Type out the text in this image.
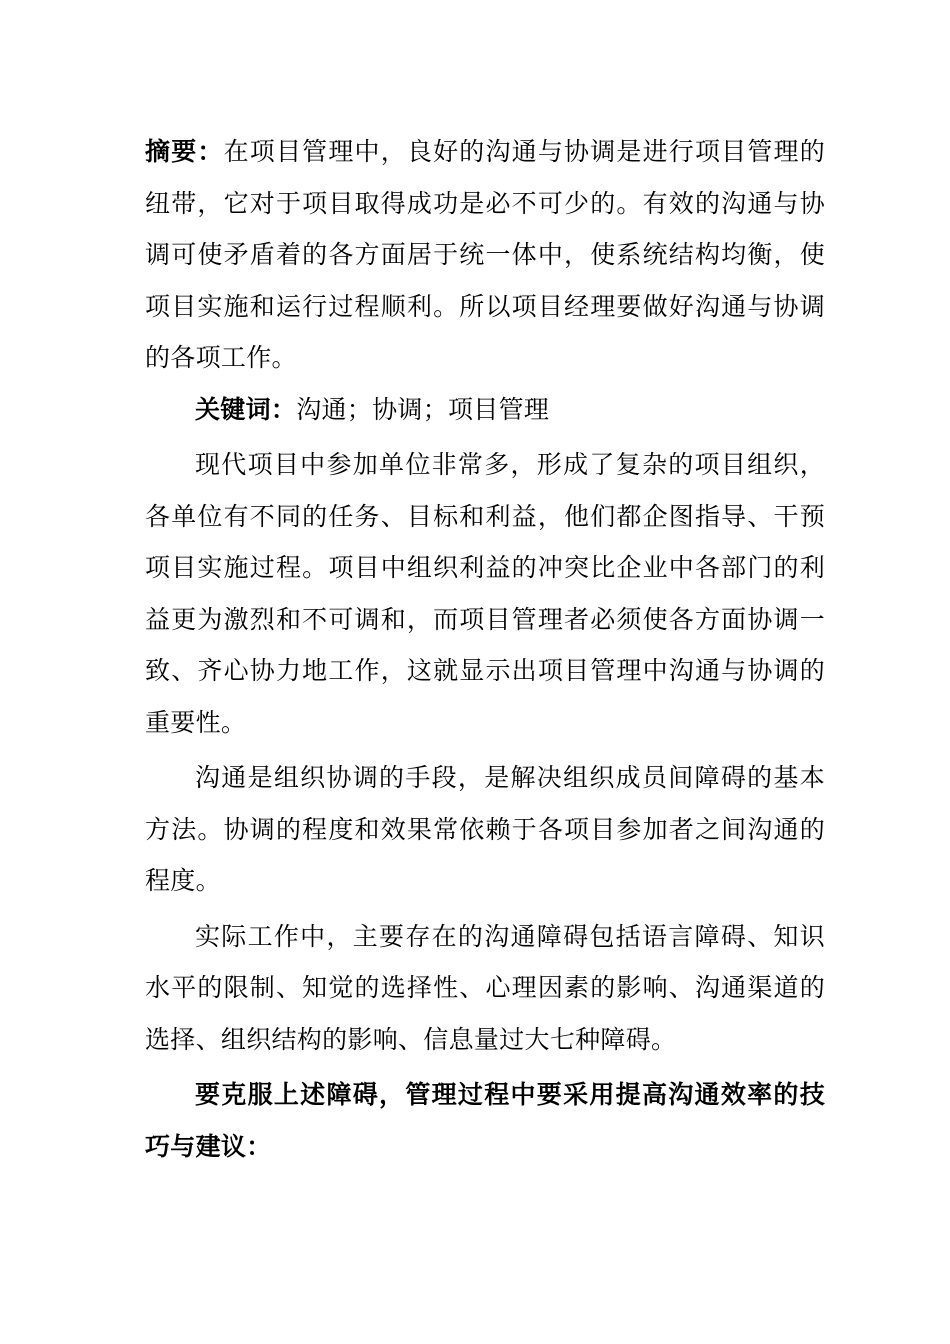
摘要：在项目管理中，良好的沟通与协调是进行项目管理的纽带，它对于项目取得成功是必不可少的。有效的沟通与协调可使矛盾着的各方面居于统一体中，使系统结构均衡，使项目实施和运行过程顺利。所以项目经理要做好沟通与协调的各项工作。

关键词：沟通；协调；项目管理

现代项目中参加单位非常多，形成了复杂的项目组织，各单位有不同的任务、目标和利益，他们都企图指导、干预项目实施过程。项目中组织利益的冲突比企业中各部门的利益更为激烈和不可调和，而项目管理者必须使各方面协调一致、齐心协力地工作，这就显示出项目管理中沟通与协调的重要性。

沟通是组织协调的手段，是解决组织成员间障碍的基本方法。协调的程度和效果常依赖于各项目参加者之间沟通的程度。

实际工作中，主要存在的沟通障碍包括语言障碍、知识水平的限制、知觉的选择性、心理因素的影响、沟通渠道的选择、组织结构的影响、信息量过大七种障碍。

要克服上述障碍，管理过程中要采用提高沟通效率的技巧与建议：
